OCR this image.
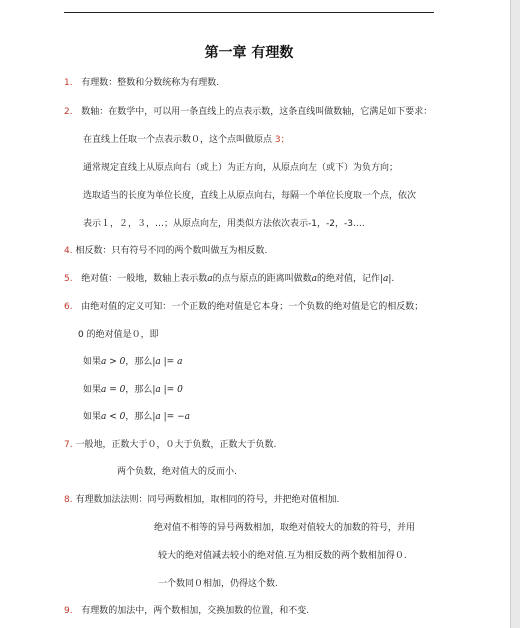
第一章 有理数
1. 有理数：整数和分数统称为有理数.
2. 数轴：在数学中，可以用一条直线上的点表示数，这条直线叫做数轴，它满足如下要求：
在直线上任取一个点表示数０，这个点叫做原点 3；
通常规定直线上从原点向右（或上）为正方向，从原点向左（或下）为负方向；
选取适当的长度为单位长度，直线上从原点向右，每隔一个单位长度取一个点，依次
表示１，２，３，…；从原点向左，用类似方法依次表示-1，-2，-3….
4. 相反数：只有符号不同的两个数叫做互为相反数.
5. 绝对值：一般地，数轴上表示数a的点与原点的距离叫做数a的绝对值，记作|a|.
6. 由绝对值的定义可知：一个正数的绝对值是它本身；一个负数的绝对值是它的相反数；
0 的绝对值是０，即
如果a > 0，那么|a |= a
如果a = 0，那么|a |= 0
如果a < 0，那么|a |= −a
7. 一般地，正数大于０，０大于负数，正数大于负数.
两个负数，绝对值大的反而小.
8. 有理数加法法则：同号两数相加，取相同的符号，并把绝对值相加.
绝对值不相等的异号两数相加，取绝对值较大的加数的符号，并用
较大的绝对值减去较小的绝对值.互为相反数的两个数相加得０.
一个数同０相加，仍得这个数.
9. 有理数的加法中，两个数相加，交换加数的位置，和不变.
